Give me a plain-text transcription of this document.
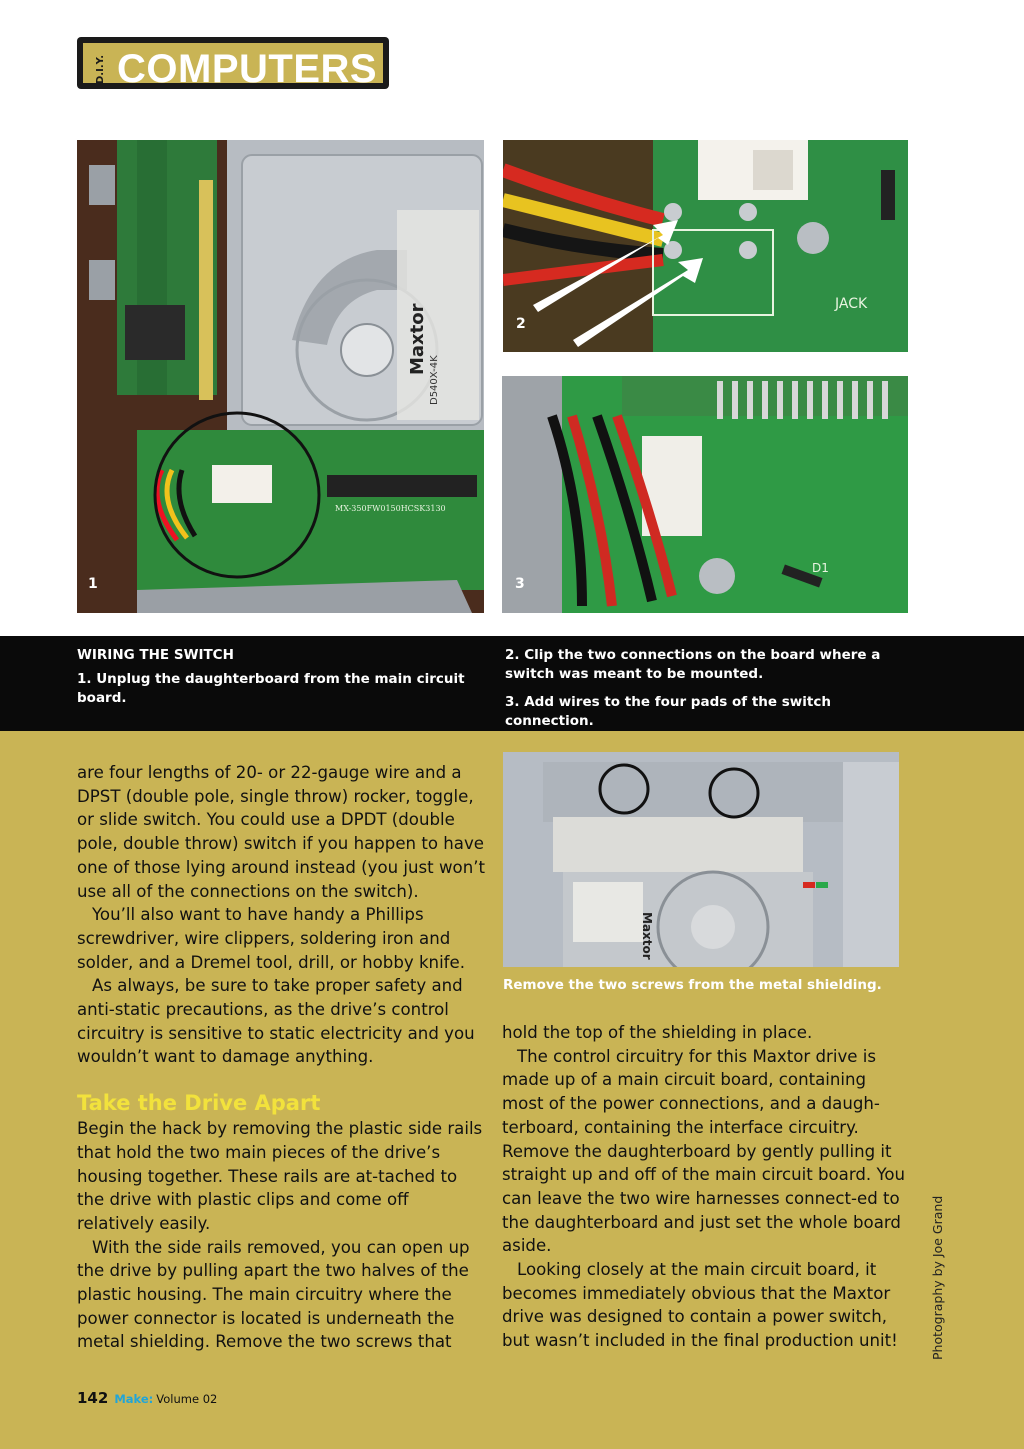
D.I.Y. COMPUTERS
Maxtor
D540X-4K
MX-350FW0150HCSK3130
1
JACK
2
D1
3
WIRING THE SWITCH
1. Unplug the daughterboard from the main circuit board.
2. Clip the two connections on the board where a switch was meant to be mounted.
3. Add wires to the four pads of the switch connection.

are four lengths of 20- or 22-gauge wire and a DPST (double pole, single throw) rocker, toggle, or slide switch. You could use a DPDT (double pole, double throw) switch if you happen to have one of those lying around instead (you just won’t use all of the connections on the switch).

You’ll also want to have handy a Phillips screwdriver, wire clippers, soldering iron and solder, and a Dremel tool, drill, or hobby knife.

As always, be sure to take proper safety and anti-static precautions, as the drive’s control circuitry is sensitive to static electricity and you wouldn’t want to damage anything.

Take the Drive Apart

Begin the hack by removing the plastic side rails that hold the two main pieces of the drive’s housing together. These rails are at-tached to the drive with plastic clips and come off relatively easily.

With the side rails removed, you can open up the drive by pulling apart the two halves of the plastic housing. The main circuitry where the power connector is located is underneath the metal shielding. Remove the two screws that

Maxtor
Remove the two screws from the metal shielding.

hold the top of the shielding in place.

The control circuitry for this Maxtor drive is made up of a main circuit board, containing most of the power connections, and a daugh-terboard, containing the interface circuitry. Remove the daughterboard by gently pulling it straight up and off of the main circuit board. You can leave the two wire harnesses connect-ed to the daughterboard and just set the whole board aside.

Looking closely at the main circuit board, it becomes immediately obvious that the Maxtor drive was designed to contain a power switch, but wasn’t included in the final production unit!	Photography by Joe Grand
142 Make: Volume 02
